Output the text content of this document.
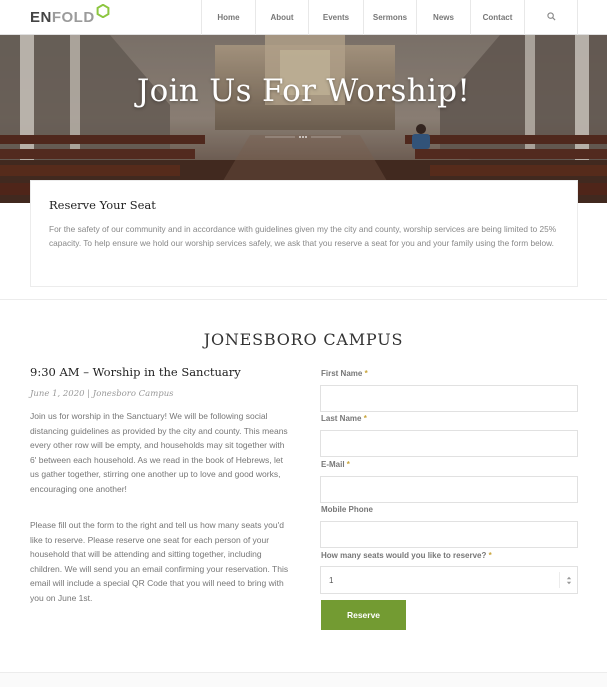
ENFOLD	Home	About	Events	Sermons	News	Contact
Join Us For Worship!
Reserve Your Seat
For the safety of our community and in accordance with guidelines given my the city and county, worship services are being limited to 25% capacity. To help ensure we hold our worship services safely, we ask that you reserve a seat for you and your family using the form below.
JONESBORO CAMPUS
9:30 AM – Worship in the Sanctuary
June 1, 2020 | Jonesboro Campus
Join us for worship in the Sanctuary! We will be following social distancing guidelines as provided by the city and county. This means every other row will be empty, and households may sit together with 6' between each household. As we read in the book of Hebrews, let us gather together, stirring one another up to love and good works, encouraging one another!
Please fill out the form to the right and tell us how many seats you'd like to reserve. Please reserve one seat for each person of your household that will be attending and sitting together, including children. We will send you an email confirming your reservation. This email will include a special QR Code that you will need to bring with you on June 1st.
First Name *
Last Name *
E-Mail *
Mobile Phone
How many seats would you like to reserve? *
1
Reserve
